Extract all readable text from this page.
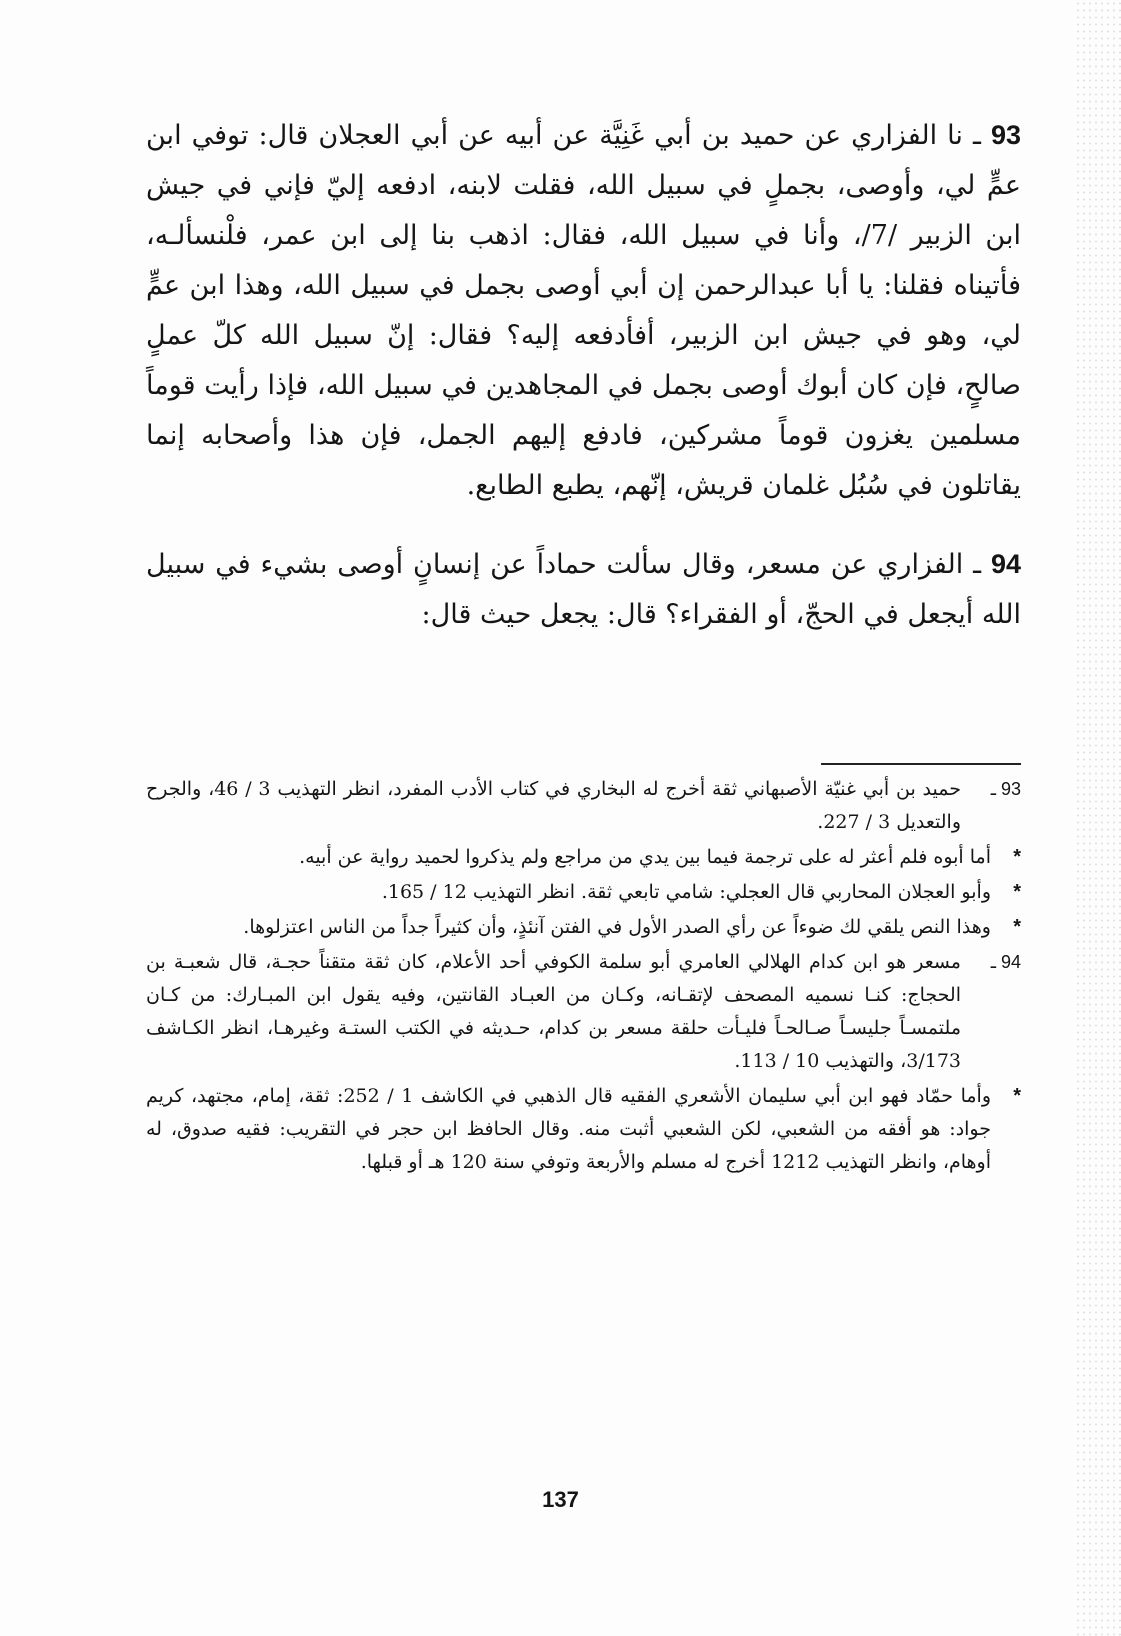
93 ـ نا الفزاري عن حميد بن أبي غَنِيَّة عن أبيه عن أبي العجلان قال: توفي ابن عمٍّ لي، وأوصى، بجملٍ في سبيل الله، فقلت لابنه، ادفعه إليّ فإني في جيش ابن الزبير /7/، وأنا في سبيل الله، فقال: اذهب بنا إلى ابن عمر، فلْنسألـه، فأتيناه فقلنا: يا أبا عبدالرحمن إن أبي أوصى بجمل في سبيل الله، وهذا ابن عمٍّ لي، وهو في جيش ابن الزبير، أفأدفعه إليه؟ فقال: إنّ سبيل الله كلّ عملٍ صالحٍ، فإن كان أبوك أوصى بجمل في المجاهدين في سبيل الله، فإذا رأيت قوماً مسلمين يغزون قوماً مشركين، فادفع إليهم الجمل، فإن هذا وأصحابه إنما يقاتلون في سُبُل غلمان قريش، إنّهم، يطبع الطابع.

94 ـ الفزاري عن مسعر، وقال سألت حماداً عن إنسانٍ أوصى بشيء في سبيل الله أيجعل في الحجّ، أو الفقراء؟ قال: يجعل حيث قال:

93 ـ
حميد بن أبي غنيّة الأصبهاني ثقة أخرج له البخاري في كتاب الأدب المفرد، انظر التهذيب 3 / 46، والجرح والتعديل 3 / 227.
*
أما أبوه فلم أعثر له على ترجمة فيما بين يدي من مراجع ولم يذكروا لحميد رواية عن أبيه.
*
وأبو العجلان المحاربي قال العجلي: شامي تابعي ثقة. انظر التهذيب 12 / 165.
*
وهذا النص يلقي لك ضوءاً عن رأي الصدر الأول في الفتن آنئذٍ، وأن كثيراً جداً من الناس اعتزلوها.
94 ـ
مسعر هو ابن كدام الهلالي العامري أبو سلمة الكوفي أحد الأعلام، كان ثقة متقناً حجـة، قال شعبـة بن الحجاج: كنـا نسميه المصحف لإتقـانه، وكـان من العبـاد القانتين، وفيه يقول ابن المبـارك: من كـان ملتمسـاً جليسـاً صـالحـاً فليـأت حلقة مسعر بن كدام، حـديثه في الكتب الستـة وغيرهـا، انظر الكـاشف 3/173، والتهذيب 10 / 113.
*
وأما حمّاد فهو ابن أبي سليمان الأشعري الفقيه قال الذهبي في الكاشف 1 / 252: ثقة، إمام، مجتهد، كريم جواد: هو أفقه من الشعبي، لكن الشعبي أثبت منه. وقال الحافظ ابن حجر في التقريب: فقيه صدوق، له أوهام، وانظر التهذيب 1212 أخرج له مسلم والأربعة وتوفي سنة 120 هـ أو قبلها.
137
